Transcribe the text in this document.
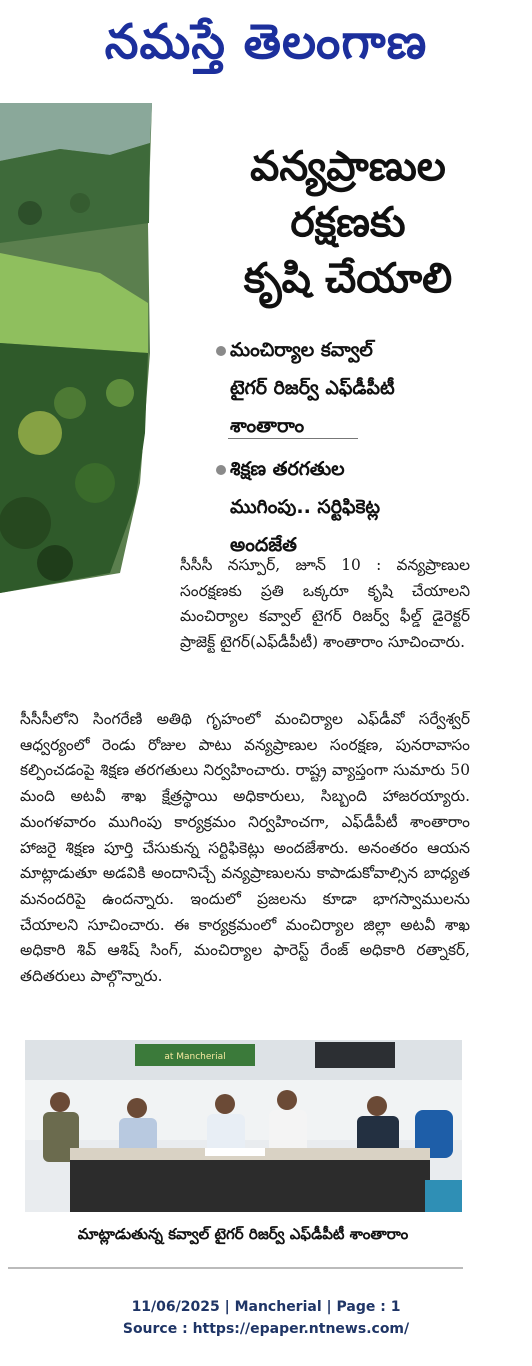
నమస్తే తెలంగాణ
వన్యప్రాణుల
రక్షణకు
కృషి చేయాలి
మంచిర్యాల కవ్వాల్
టైగర్ రిజర్వ్ ఎఫ్‌డీపీటీ
శాంతారాం
శిక్షణ తరగతుల
ముగింపు.. సర్టిఫికెట్ల
అందజేత
సీసీసీ నస్పూర్, జూన్ 10 : వన్యప్రాణుల సంరక్షణకు ప్రతి ఒక్కరూ కృషి చేయాలని మంచిర్యాల కవ్వాల్ టైగర్ రిజర్వ్ ఫీల్డ్ డైరెక్టర్ ప్రాజెక్ట్ టైగర్(ఎఫ్‌డీపీటీ) శాంతారాం సూచించారు.
సీసీసీలోని సింగరేణి అతిథి గృహంలో మంచిర్యాల ఎఫ్‌డీవో సర్వేశ్వర్ ఆధ్వర్యంలో రెండు రోజుల పాటు వన్యప్రాణుల సంరక్షణ, పునరావాసం కల్పించడంపై శిక్షణ తరగతులు నిర్వహించారు. రాష్ట్ర వ్యాప్తంగా సుమారు 50 మంది అటవీ శాఖ క్షేత్రస్థాయి అధికారులు, సిబ్బంది హాజరయ్యారు. మంగళవారం ముగింపు కార్యక్రమం నిర్వహించగా, ఎఫ్‌డీపీటీ శాంతారాం హాజరై శిక్షణ పూర్తి చేసుకున్న సర్టిఫికెట్లు అందజేశారు. అనంతరం ఆయన మాట్లాడుతూ అడవికి అందానిచ్చే వన్యప్రాణులను కాపాడుకోవాల్సిన బాధ్యత మనందరిపై ఉందన్నారు. ఇందులో ప్రజలను కూడా భాగస్వాములను చేయాలని సూచించారు. ఈ కార్యక్రమంలో మంచిర్యాల జిల్లా అటవీ శాఖ అధికారి శివ్ ఆశిష్ సింగ్, మంచిర్యాల ఫారెస్ట్ రేంజ్ అధికారి రత్నాకర్, తదితరులు పాల్గొన్నారు.
at Mancherial
మాట్లాడుతున్న కవ్వాల్ టైగర్ రిజర్వ్ ఎఫ్‌డీపీటీ శాంతారాం
11/06/2025 | Mancherial | Page : 1
Source : https://epaper.ntnews.com/
